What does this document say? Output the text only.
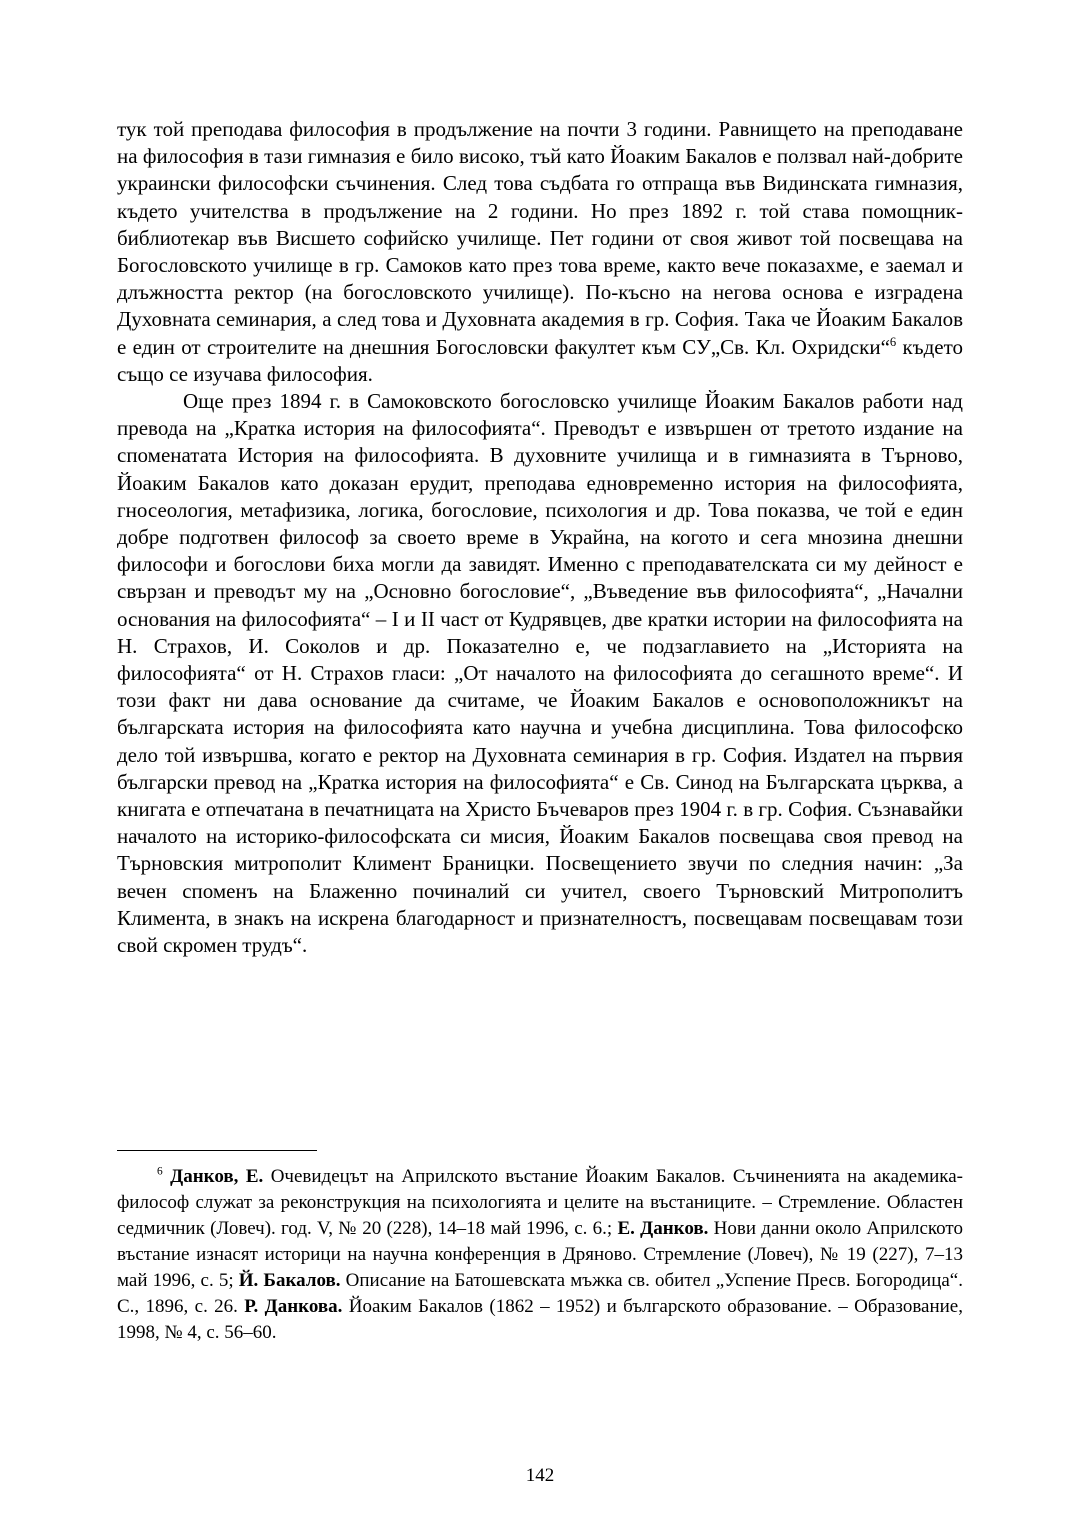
тук той преподава философия в продължение на почти 3 години. Равнището на преподаване на философия в тази гимназия е било високо, тъй като Йоаким Бакалов е ползвал най-добрите украински философски съчинения. След това съдбата го отпраща във Видинската гимназия, където учителства в продължение на 2 години. Но през 1892 г. той става помощник-библиотекар във Висшето софийско училище. Пет години от своя живот той посвещава на Богословското училище в гр. Самоков като през това време, както вече показахме, е заемал и длъжността ректор (на богословското училище). По-късно на негова основа е изградена Духовната семинария, а след това и Духовната академия в гр. София. Така че Йоаким Бакалов е един от строителите на днешния Богословски факултет към СУ„Св. Кл. Охридски“$^6$ където също се изучава философия.

Още през 1894 г. в Самоковското богословско училище Йоаким Бакалов работи над превода на „Кратка история на философията“. Преводът е извършен от третото издание на споменатата История на философията. В духовните училища и в гимназията в Търново, Йоаким Бакалов като доказан ерудит, преподава едновременно история на философията, гносеология, метафизика, логика, богословие, психология и др. Това показва, че той е един добре подготвен философ за своето време в Украйна, на когото и сега мнозина днешни философи и богослови биха могли да завидят. Именно с преподавателската си му дейност е свързан и преводът му на „Основно богословие“, „Въведение във философията“, „Начални основания на философията“ – I и II част от Кудрявцев, две кратки истории на философията на Н. Страхов, И. Соколов и др. Показателно е, че подзаглавието на „Историята на философията“ от Н. Страхов гласи: „От началото на философията до сегашното време“. И този факт ни дава основание да считаме, че Йоаким Бакалов е основоположникът на българската история на философията като научна и учебна дисциплина. Това философско дело той извършва, когато е ректор на Духовната семинария в гр. София. Издател на първия български превод на „Кратка история на философията“ е Св. Синод на Българската църква, а книгата е отпечатана в печатницата на Христо Бъчеваров през 1904 г. в гр. София. Съзнавайки началото на историко-философската си мисия, Йоаким Бакалов посвещава своя превод на Търновския митрополит Климент Браницки. Посвещението звучи по следния начин: „За вечен споменъ на Блаженно починалий си учител, своего Търновский Митрополитъ Климента, в знакъ на искрена благодарност и признателностъ, посвещавам посвещавам този свой скромен трудъ“.

$^6$ Данков, Е. Очевидецът на Априлското въстание Йоаким Бакалов. Съчиненията на академика-философ служат за реконструкция на психологията и целите на въстаниците. – Стремление. Областен седмичник (Ловеч). год. V, № 20 (228), 14–18 май 1996, с. 6.; Е. Данков. Нови данни около Априлското въстание изнасят историци на научна конференция в Дряново. Стремление (Ловеч), № 19 (227), 7–13 май 1996, с. 5; Й. Бакалов. Описание на Батошевската мъжка св. обител „Успение Пресв. Богородица“. С., 1896, с. 26. Р. Данкова. Йоаким Бакалов (1862 – 1952) и българското образование. – Образование, 1998, № 4, с. 56–60.

142
